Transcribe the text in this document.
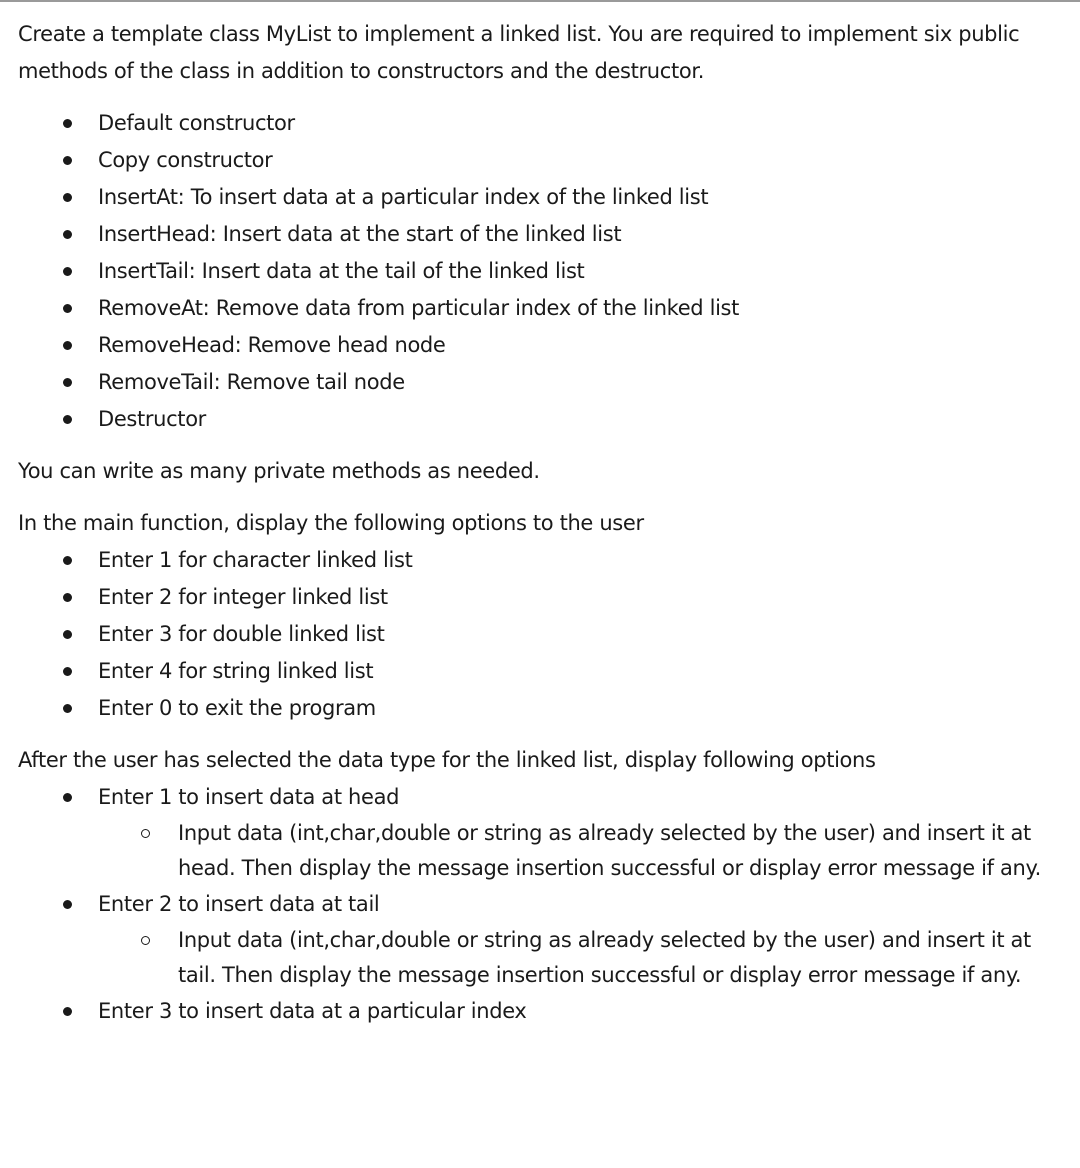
Create a template class MyList to implement a linked list. You are required to implement six public methods of the class in addition to constructors and the destructor.

Default constructor
Copy constructor
InsertAt: To insert data at a particular index of the linked list
InsertHead: Insert data at the start of the linked list
InsertTail: Insert data at the tail of the linked list
RemoveAt: Remove data from particular index of the linked list
RemoveHead: Remove head node
RemoveTail: Remove tail node
Destructor

You can write as many private methods as needed.

In the main function, display the following options to the user

Enter 1 for character linked list
Enter 2 for integer linked list
Enter 3 for double linked list
Enter 4 for string linked list
Enter 0 to exit the program

After the user has selected the data type for the linked list, display following options

Enter 1 to insert data at head
Input data (int,char,double or string as already selected by the user) and insert it at head. Then display the message insertion successful or display error message if any.
Enter 2 to insert data at tail
Input data (int,char,double or string as already selected by the user) and insert it at tail. Then display the message insertion successful or display error message if any.
Enter 3 to insert data at a particular index
